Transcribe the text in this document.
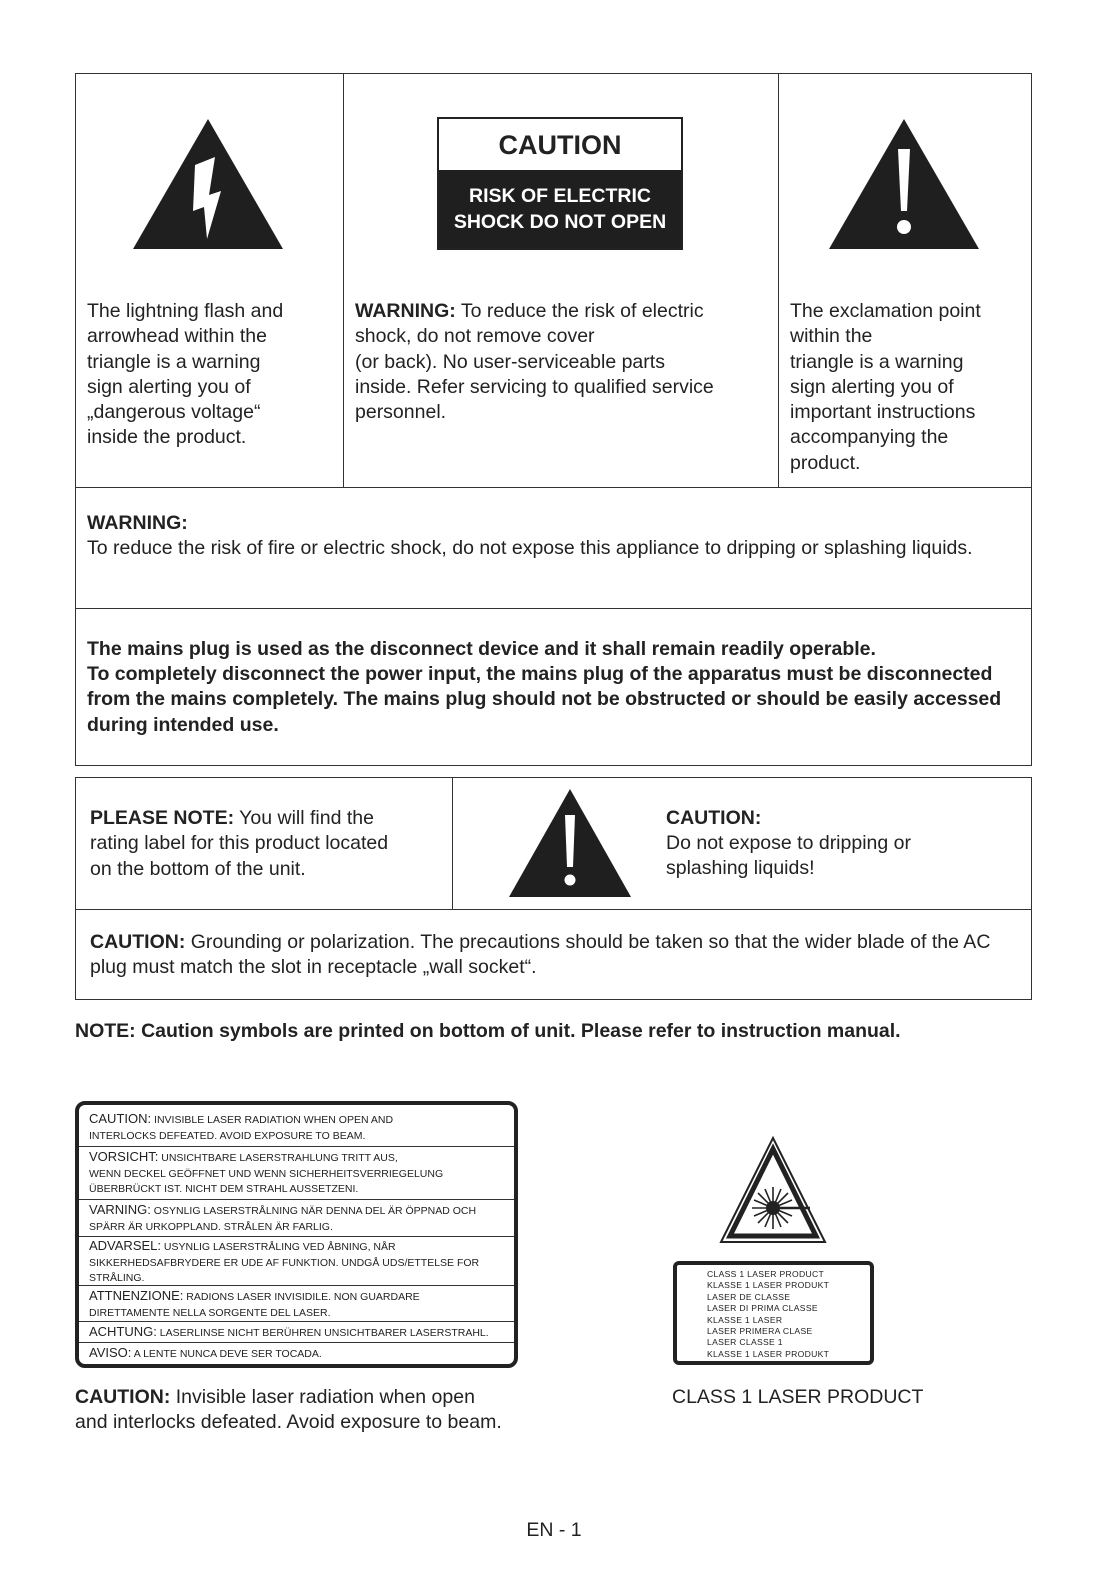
CAUTION
RISK OF ELECTRIC
SHOCK DO NOT OPEN
The lightning flash and
arrowhead within the
triangle is a warning
sign alerting you of
„dangerous voltage“
inside the product.
WARNING: To reduce the risk of electric
shock, do not remove cover
(or back). No user-serviceable parts
inside. Refer servicing to qualified service
personnel.
The exclamation point
within the
triangle is a warning
sign alerting you of
important instructions
accompanying the
product.
WARNING:
To reduce the risk of fire or electric shock, do not expose this appliance to dripping or splashing liquids.
The mains plug is used as the disconnect device and it shall remain readily operable.
To completely disconnect the power input, the mains plug of the apparatus must be disconnected from the mains completely. The mains plug should not be obstructed or should be easily accessed during intended use.
PLEASE NOTE: You will find the
rating label for this product located
on the bottom of the unit.
CAUTION:
Do not expose to dripping or
splashing liquids!
CAUTION: Grounding or polarization. The precautions should be taken so that the wider blade of the AC plug must match the slot in receptacle „wall socket“.
NOTE: Caution symbols are printed on bottom of unit. Please refer to instruction manual.
CAUTION: INVISIBLE LASER RADIATION WHEN OPEN AND
INTERLOCKS DEFEATED. AVOID EXPOSURE TO BEAM.
VORSICHT: UNSICHTBARE LASERSTRAHLUNG TRITT AUS,
WENN DECKEL GEÖFFNET UND WENN SICHERHEITSVERRIEGELUNG
ÜBERBRÜCKT IST. NICHT DEM STRAHL AUSSETZENI.
VARNING: OSYNLIG LASERSTRÅLNING NÄR DENNA DEL ÄR ÖPPNAD OCH
SPÄRR ÄR URKOPPLAND. STRÅLEN ÄR FARLIG.
ADVARSEL: USYNLIG LASERSTRÅLING VED ÅBNING, NÅR
SIKKERHEDSAFBRYDERE ER UDE AF FUNKTION. UNDGÅ UDS/ETTELSE FOR
STRÅLING.
ATTNENZIONE: RADIONS LASER INVISIDILE. NON GUARDARE
DIRETTAMENTE NELLA SORGENTE DEL LASER.
ACHTUNG: LASERLINSE NICHT BERÜHREN UNSICHTBARER LASERSTRAHL.
AVISO: A LENTE NUNCA DEVE SER TOCADA.
CLASS 1 LASER PRODUCT
KLASSE 1 LASER PRODUKT
LASER DE CLASSE
LASER DI PRIMA CLASSE
KLASSE 1 LASER
LASER PRIMERA CLASE
LASER CLASSE 1
KLASSE 1 LASER PRODUKT
CAUTION: Invisible laser radiation when open
and interlocks defeated. Avoid exposure to beam.
CLASS 1 LASER PRODUCT
EN - 1
